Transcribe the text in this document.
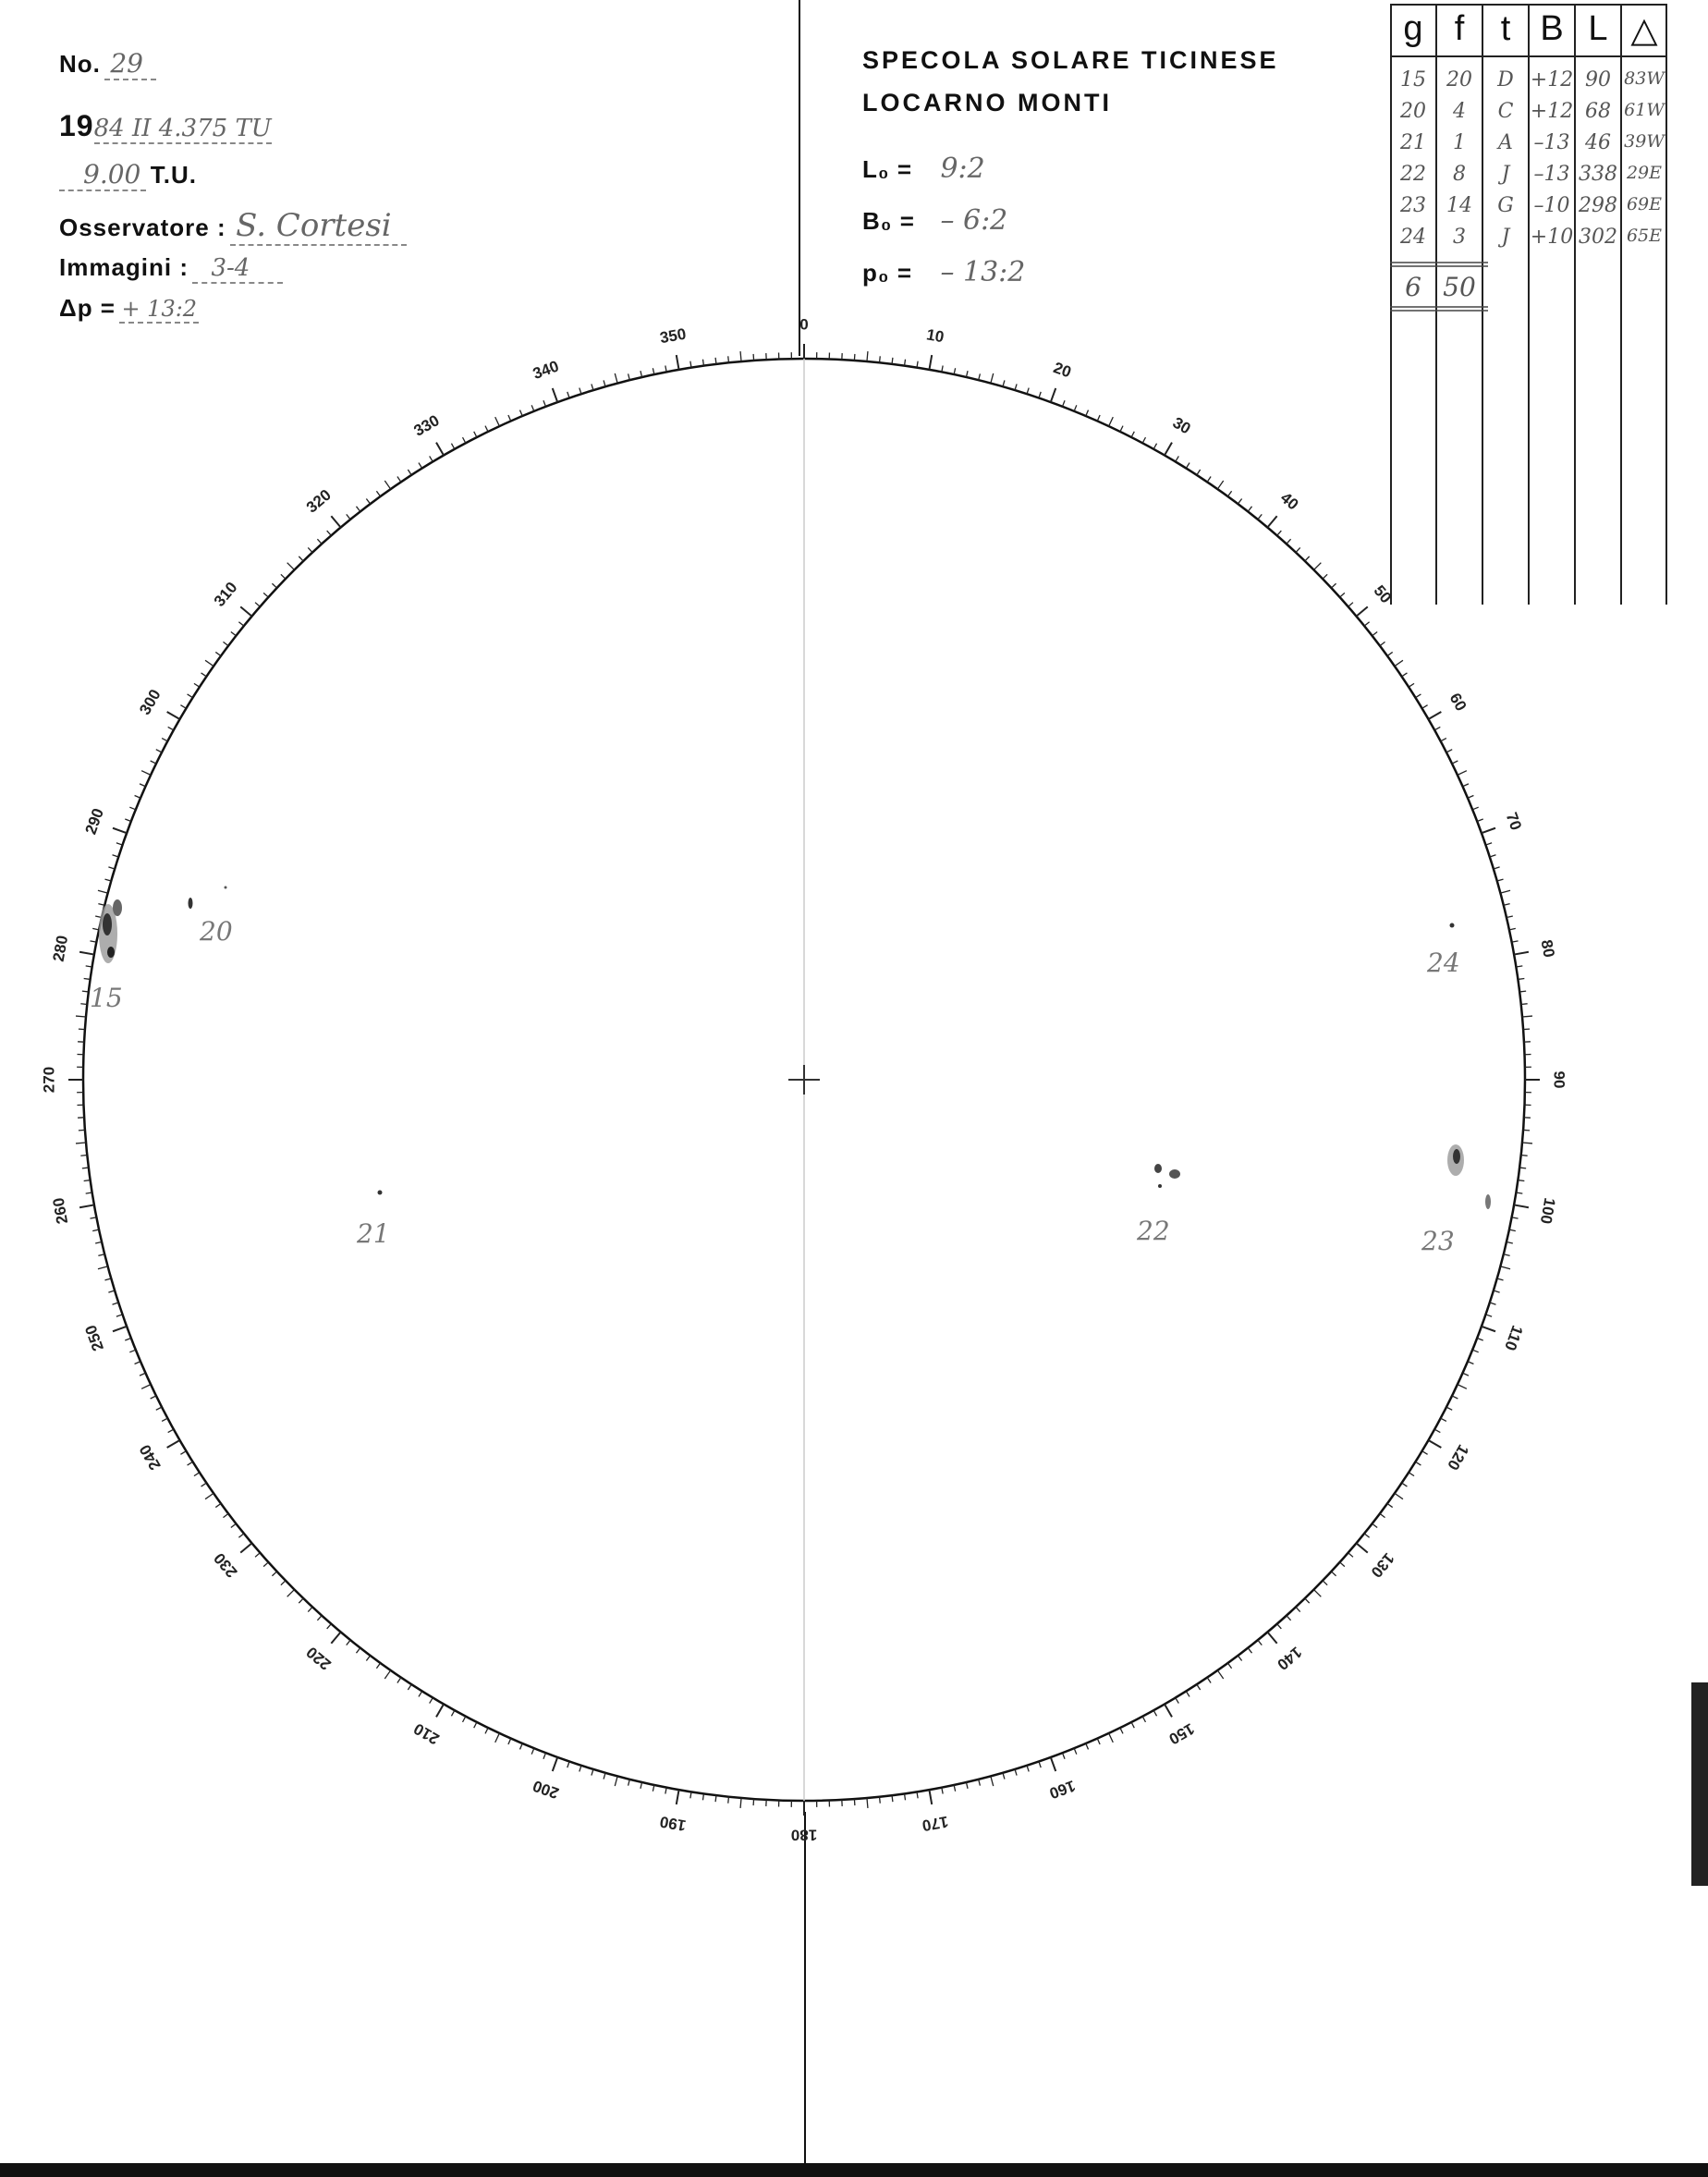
No. 29
1984 II 4.375 TU
9.00 T.U.
Osservatore : S. Cortesi
Immagini : 3-4
Δp = + 13:2
SPECOLA SOLARE TICINESE
LOCARNO MONTI
L₀ = 9:2
B₀ = – 6:2
p₀ = – 13:2
g f	t B L △
15	20	D +12 90 83W
20	4	C +12 68 61W
21	1	A	–13 46 39W
22	8	J	–13 338 29E
23	14	G –10 298 69E
24	3	J	+10 302 65E
6 50
0
10
20
30
40
50
60
70
80
90
100
110
120
130
140
150
160
170
180
190
200
210
220
230
240
250
260
270
280
290
300
310
320
330
340
350
15
20
21	22	23
24
